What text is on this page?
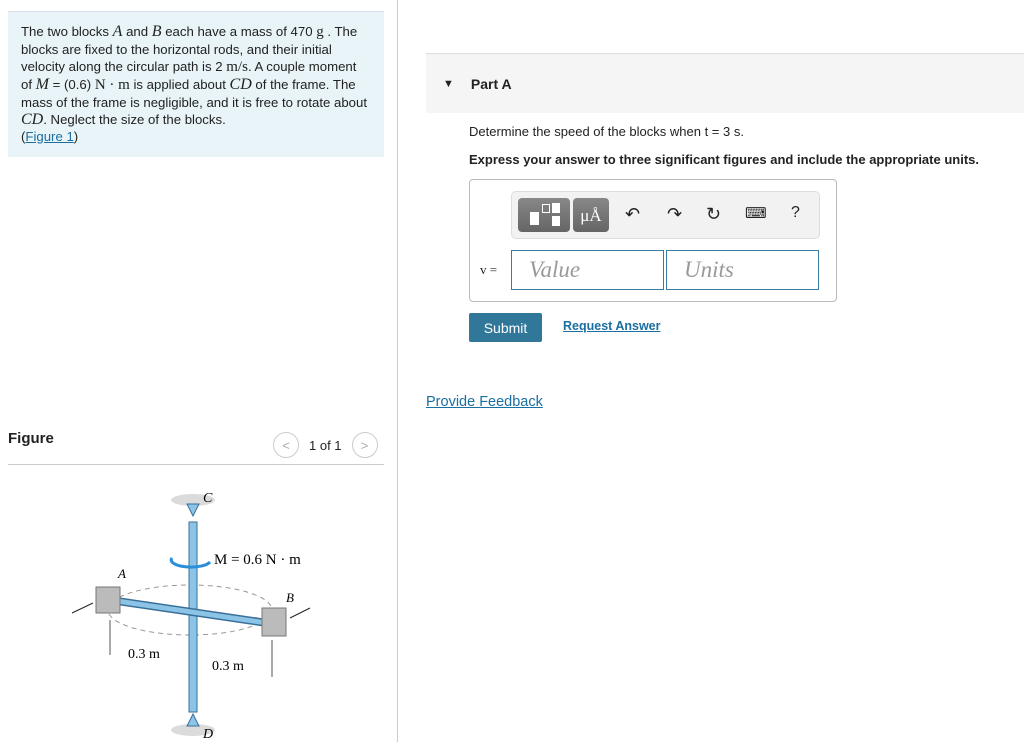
The two blocks A and B each have a mass of 470 g . The blocks are fixed to the horizontal rods, and their initial velocity along the circular path is 2 m/s. A couple moment of M = (0.6) N · m is applied about CD of the frame. The mass of the frame is negligible, and it is free to rotate about CD. Neglect the size of the blocks.
(Figure 1)
Figure	<	1 of 1	>
C
D
A
B
M = 0.6 N · m
0.3 m
0.3 m
▼ Part A
Determine the speed of the blocks when t = 3 s.
Express your answer to three significant figures and include the appropriate units.
μÅ	↶ ↷ ↻ ⌨ ?
v =	Value	Units
Submit	Request Answer
Provide Feedback
